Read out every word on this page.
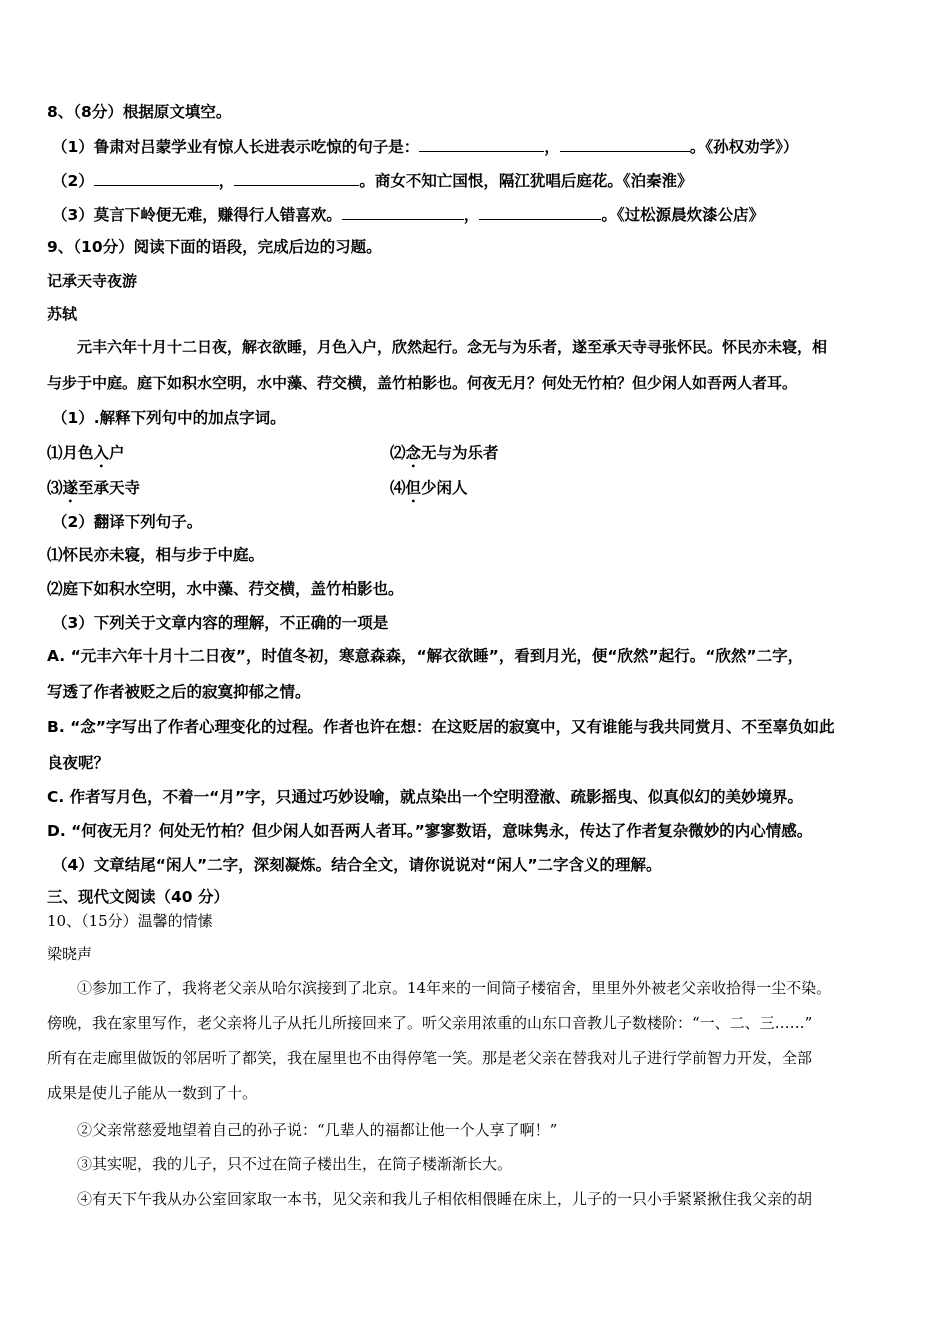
8、（8分）根据原文填空。
（1）鲁肃对吕蒙学业有惊人长进表示吃惊的句子是：	，	。《孙权劝学》）
（2）	，	。商女不知亡国恨，隔江犹唱后庭花。《泊秦淮》
（3）莫言下岭便无难，赚得行人错喜欢。	，	。《过松源晨炊漆公店》
9、（10分）阅读下面的语段，完成后边的习题。
记承天寺夜游
苏轼
元丰六年十月十二日夜，解衣欲睡，月色入户，欣然起行。念无与为乐者，遂至承天寺寻张怀民。怀民亦未寝，相
与步于中庭。庭下如积水空明，水中藻、荇交横，盖竹柏影也。何夜无月？何处无竹柏？但少闲人如吾两人者耳。
（1）.解释下列句中的加点字词。
⑴月色入户	⑵念无与为乐者
⑶遂至承天寺	⑷但少闲人
（2）翻译下列句子。
⑴怀民亦未寝，相与步于中庭。
⑵庭下如积水空明，水中藻、荇交横，盖竹柏影也。
（3）下列关于文章内容的理解，不正确的一项是
A. “元丰六年十月十二日夜”，时值冬初，寒意森森，“解衣欲睡”，看到月光，便“欣然”起行。“欣然”二字，
写透了作者被贬之后的寂寞抑郁之情。
B. “念”字写出了作者心理变化的过程。作者也许在想：在这贬居的寂寞中，又有谁能与我共同赏月、不至辜负如此
良夜呢？
C. 作者写月色，不着一“月”字，只通过巧妙设喻，就点染出一个空明澄澈、疏影摇曳、似真似幻的美妙境界。
D. “何夜无月？何处无竹柏？但少闲人如吾两人者耳。”寥寥数语，意味隽永，传达了作者复杂微妙的内心情感。
（4）文章结尾“闲人”二字，深刻凝炼。结合全文，请你说说对“闲人”二字含义的理解。
三、现代文阅读（40 分）
10、（15分）温馨的情愫
梁晓声
①参加工作了，我将老父亲从哈尔滨接到了北京。14年来的一间筒子楼宿舍，里里外外被老父亲收拾得一尘不染。
傍晚，我在家里写作，老父亲将儿子从托儿所接回来了。听父亲用浓重的山东口音教儿子数楼阶：“一、二、三……”
所有在走廊里做饭的邻居听了都笑，我在屋里也不由得停笔一笑。那是老父亲在替我对儿子进行学前智力开发，全部
成果是使儿子能从一数到了十。
②父亲常慈爱地望着自己的孙子说：“几辈人的福都让他一个人享了啊！”
③其实呢，我的儿子，只不过在筒子楼出生，在筒子楼渐渐长大。
④有天下午我从办公室回家取一本书，见父亲和我儿子相依相偎睡在床上，儿子的一只小手紧紧揪住我父亲的胡
